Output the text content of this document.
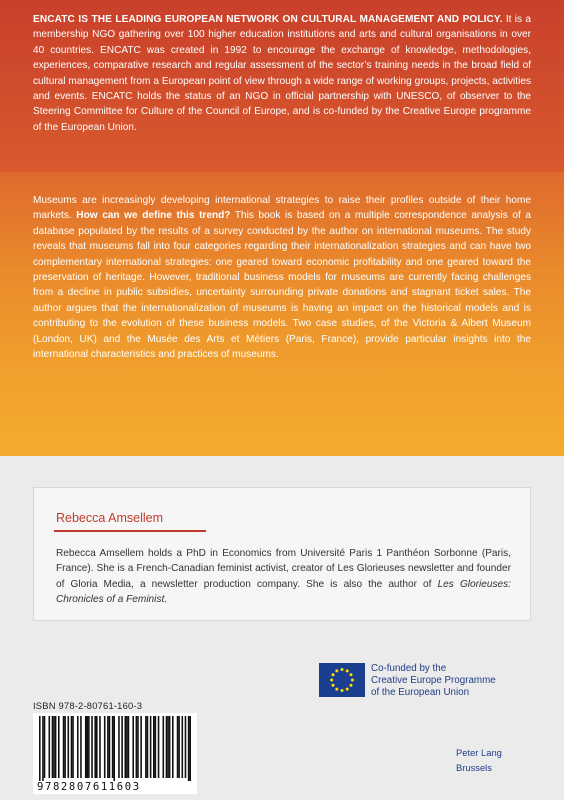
ENCATC IS THE LEADING EUROPEAN NETWORK ON CULTURAL MANAGEMENT AND POLICY. It is a membership NGO gathering over 100 higher education institutions and arts and cultural organisations in over 40 countries. ENCATC was created in 1992 to encourage the exchange of knowledge, methodologies, experiences, comparative research and regular assessment of the sector’s training needs in the broad field of cultural management from a European point of view through a wide range of working groups, projects, activities and events. ENCATC holds the status of an NGO in official partnership with UNESCO, of observer to the Steering Committee for Culture of the Council of Europe, and is co-funded by the Creative Europe programme of the European Union.

Museums are increasingly developing international strategies to raise their profiles outside of their home markets. How can we define this trend? This book is based on a multiple correspondence analysis of a database populated by the results of a survey conducted by the author on international museums. The study reveals that museums fall into four categories regarding their internationalization strategies and can have two complementary international strategies: one geared toward economic profitability and one geared toward the preservation of heritage. However, traditional business models for museums are currently facing challenges from a decline in public subsidies, uncertainty surrounding private donations and stagnant ticket sales. The author argues that the internationalization of museums is having an impact on the historical models and is contributing to the evolution of these business models. Two case studies, of the Victoria & Albert Museum (London, UK) and the Musée des Arts et Métiers (Paris, France), provide particular insights into the international characteristics and practices of museums.

Rebecca Amsellem

Rebecca Amsellem holds a PhD in Economics from Université Paris 1 Panthéon Sorbonne (Paris, France). She is a French-Canadian feminist activist, creator of Les Glorieuses newsletter and founder of Gloria Media, a newsletter production company. She is also the author of Les Glorieuses: Chronicles of a Feminist.

Co-funded by the
Creative Europe Programme
of the European Union
ISBN 978-2-80761-160-3
9782807611603
Peter Lang
Brussels
